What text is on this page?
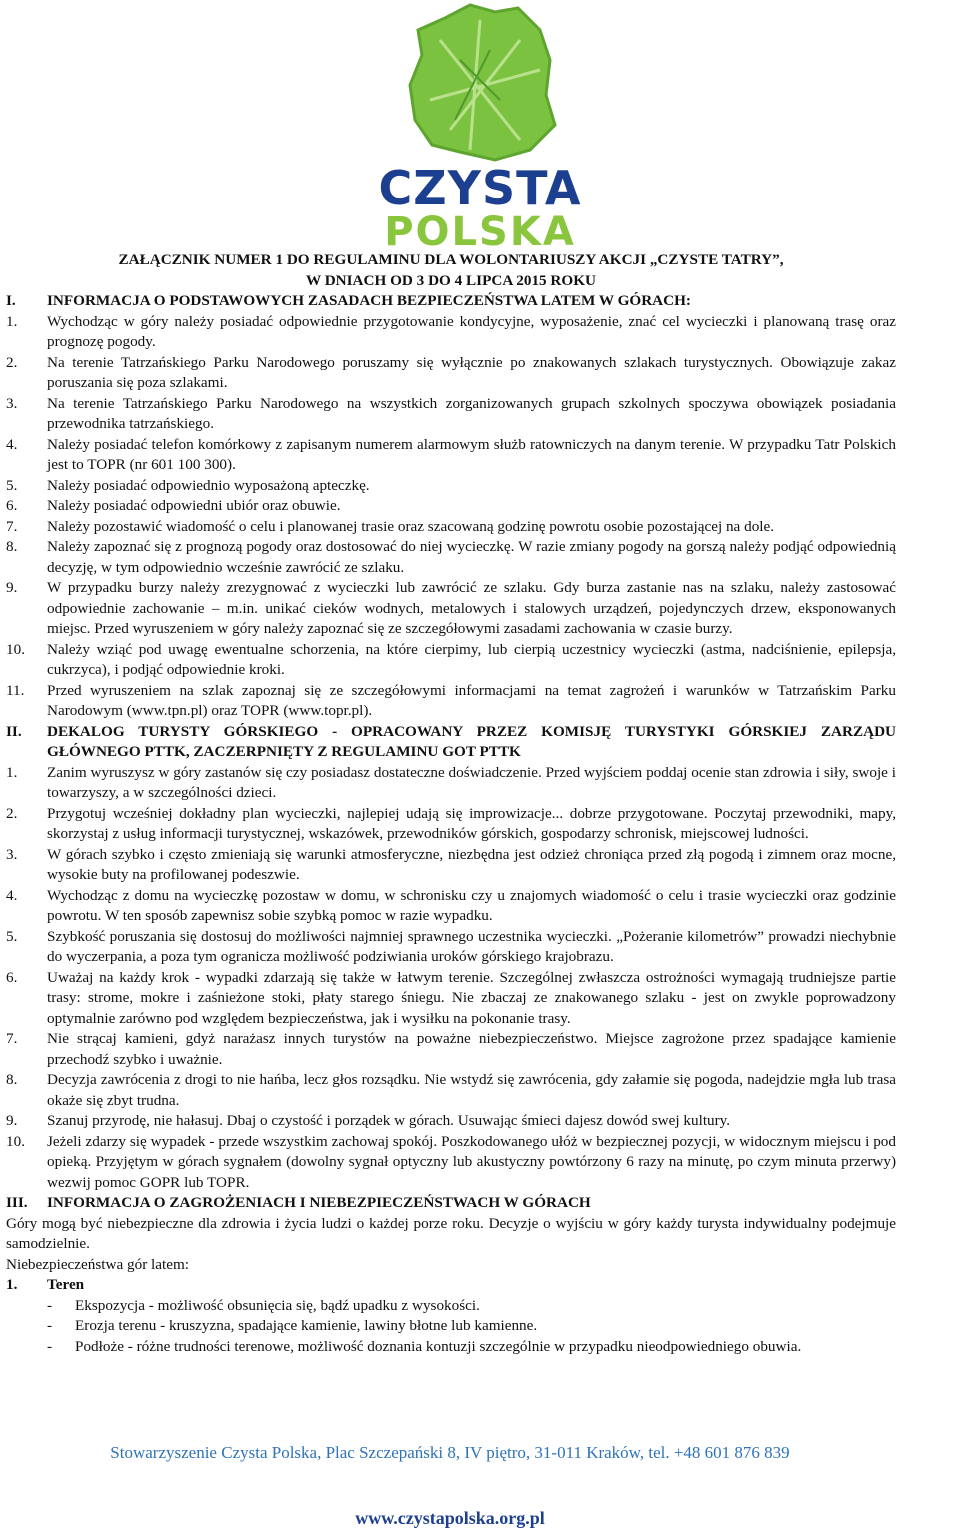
CZYSTA
POLSKA
ZAŁĄCZNIK NUMER 1 DO REGULAMINU DLA WOLONTARIUSZY AKCJI „CZYSTE TATRY”,
W DNIACH OD 3 DO 4 LIPCA 2015 ROKU
I.	INFORMACJA O PODSTAWOWYCH ZASADACH BEZPIECZEŃSTWA LATEM W GÓRACH:
1.	Wychodząc w góry należy posiadać odpowiednie przygotowanie kondycyjne, wyposażenie, znać cel wycieczki i planowaną trasę oraz prognozę pogody.
2.	Na terenie Tatrzańskiego Parku Narodowego poruszamy się wyłącznie po znakowanych szlakach turystycznych. Obowiązuje zakaz poruszania się poza szlakami.
3.	Na terenie Tatrzańskiego Parku Narodowego na wszystkich zorganizowanych grupach szkolnych spoczywa obowiązek posiadania przewodnika tatrzańskiego.
4.	Należy posiadać telefon komórkowy z zapisanym numerem alarmowym służb ratowniczych na danym terenie. W przypadku Tatr Polskich jest to TOPR (nr 601 100 300).
5.	Należy posiadać odpowiednio wyposażoną apteczkę.
6.	Należy posiadać odpowiedni ubiór oraz obuwie.
7.	Należy pozostawić wiadomość o celu i planowanej trasie oraz szacowaną godzinę powrotu osobie pozostającej na dole.
8.	Należy zapoznać się z prognozą pogody oraz dostosować do niej wycieczkę. W razie zmiany pogody na gorszą należy podjąć odpowiednią decyzję, w tym odpowiednio wcześnie zawrócić ze szlaku.
9.	W przypadku burzy należy zrezygnować z wycieczki lub zawrócić ze szlaku. Gdy burza zastanie nas na szlaku, należy zastosować odpowiednie zachowanie – m.in. unikać cieków wodnych, metalowych i stalowych urządzeń, pojedynczych drzew, eksponowanych miejsc. Przed wyruszeniem w góry należy zapoznać się ze szczegółowymi zasadami zachowania w czasie burzy.
10.	Należy wziąć pod uwagę ewentualne schorzenia, na które cierpimy, lub cierpią uczestnicy wycieczki (astma, nadciśnienie, epilepsja, cukrzyca), i podjąć odpowiednie kroki.
11.	Przed wyruszeniem na szlak zapoznaj się ze szczegółowymi informacjami na temat zagrożeń i warunków w Tatrzańskim Parku Narodowym (www.tpn.pl) oraz TOPR (www.topr.pl).
II.	DEKALOG TURYSTY GÓRSKIEGO - OPRACOWANY PRZEZ KOMISJĘ TURYSTYKI GÓRSKIEJ ZARZĄDU GŁÓWNEGO PTTK, ZACZERPNIĘTY Z REGULAMINU GOT PTTK
1.	Zanim wyruszysz w góry zastanów się czy posiadasz dostateczne doświadczenie. Przed wyjściem poddaj ocenie stan zdrowia i siły, swoje i towarzyszy, a w szczególności dzieci.
2.	Przygotuj wcześniej dokładny plan wycieczki, najlepiej udają się improwizacje... dobrze przygotowane. Poczytaj przewodniki, mapy, skorzystaj z usług informacji turystycznej, wskazówek, przewodników górskich, gospodarzy schronisk, miejscowej ludności.
3.	W górach szybko i często zmieniają się warunki atmosferyczne, niezbędna jest odzież chroniąca przed złą pogodą i zimnem oraz mocne, wysokie buty na profilowanej podeszwie.
4.	Wychodząc z domu na wycieczkę pozostaw w domu, w schronisku czy u znajomych wiadomość o celu i trasie wycieczki oraz godzinie powrotu. W ten sposób zapewnisz sobie szybką pomoc w razie wypadku.
5.	Szybkość poruszania się dostosuj do możliwości najmniej sprawnego uczestnika wycieczki. „Pożeranie kilometrów” prowadzi niechybnie do wyczerpania, a poza tym ogranicza możliwość podziwiania uroków górskiego krajobrazu.
6.	Uważaj na każdy krok - wypadki zdarzają się także w łatwym terenie. Szczególnej zwłaszcza ostrożności wymagają trudniejsze partie trasy: strome, mokre i zaśnieżone stoki, płaty starego śniegu. Nie zbaczaj ze znakowanego szlaku - jest on zwykle poprowadzony optymalnie zarówno pod względem bezpieczeństwa, jak i wysiłku na pokonanie trasy.
7.	Nie strącaj kamieni, gdyż narażasz innych turystów na poważne niebezpieczeństwo. Miejsce zagrożone przez spadające kamienie przechodź szybko i uważnie.
8.	Decyzja zawrócenia z drogi to nie hańba, lecz głos rozsądku. Nie wstydź się zawrócenia, gdy załamie się pogoda, nadejdzie mgła lub trasa okaże się zbyt trudna.
9.	Szanuj przyrodę, nie hałasuj. Dbaj o czystość i porządek w górach. Usuwając śmieci dajesz dowód swej kultury.
10.	Jeżeli zdarzy się wypadek - przede wszystkim zachowaj spokój. Poszkodowanego ułóż w bezpiecznej pozycji, w widocznym miejscu i pod opieką. Przyjętym w górach sygnałem (dowolny sygnał optyczny lub akustyczny powtórzony 6 razy na minutę, po czym minuta przerwy) wezwij pomoc GOPR lub TOPR.
III.	INFORMACJA O ZAGROŻENIACH I NIEBEZPIECZEŃSTWACH W GÓRACH
Góry mogą być niebezpieczne dla zdrowia i życia ludzi o każdej porze roku. Decyzje o wyjściu w góry każdy turysta indywidualny podejmuje samodzielnie.
Niebezpieczeństwa gór latem:
1.	Teren
-	Ekspozycja - możliwość obsunięcia się, bądź upadku z wysokości.
-	Erozja terenu - kruszyzna, spadające kamienie, lawiny błotne lub kamienne.
-	Podłoże - różne trudności terenowe, możliwość doznania kontuzji szczególnie w przypadku nieodpowiedniego obuwia.
Stowarzyszenie Czysta Polska, Plac Szczepański 8, IV piętro, 31-011 Kraków, tel. +48 601 876 839
www.czystapolska.org.pl
